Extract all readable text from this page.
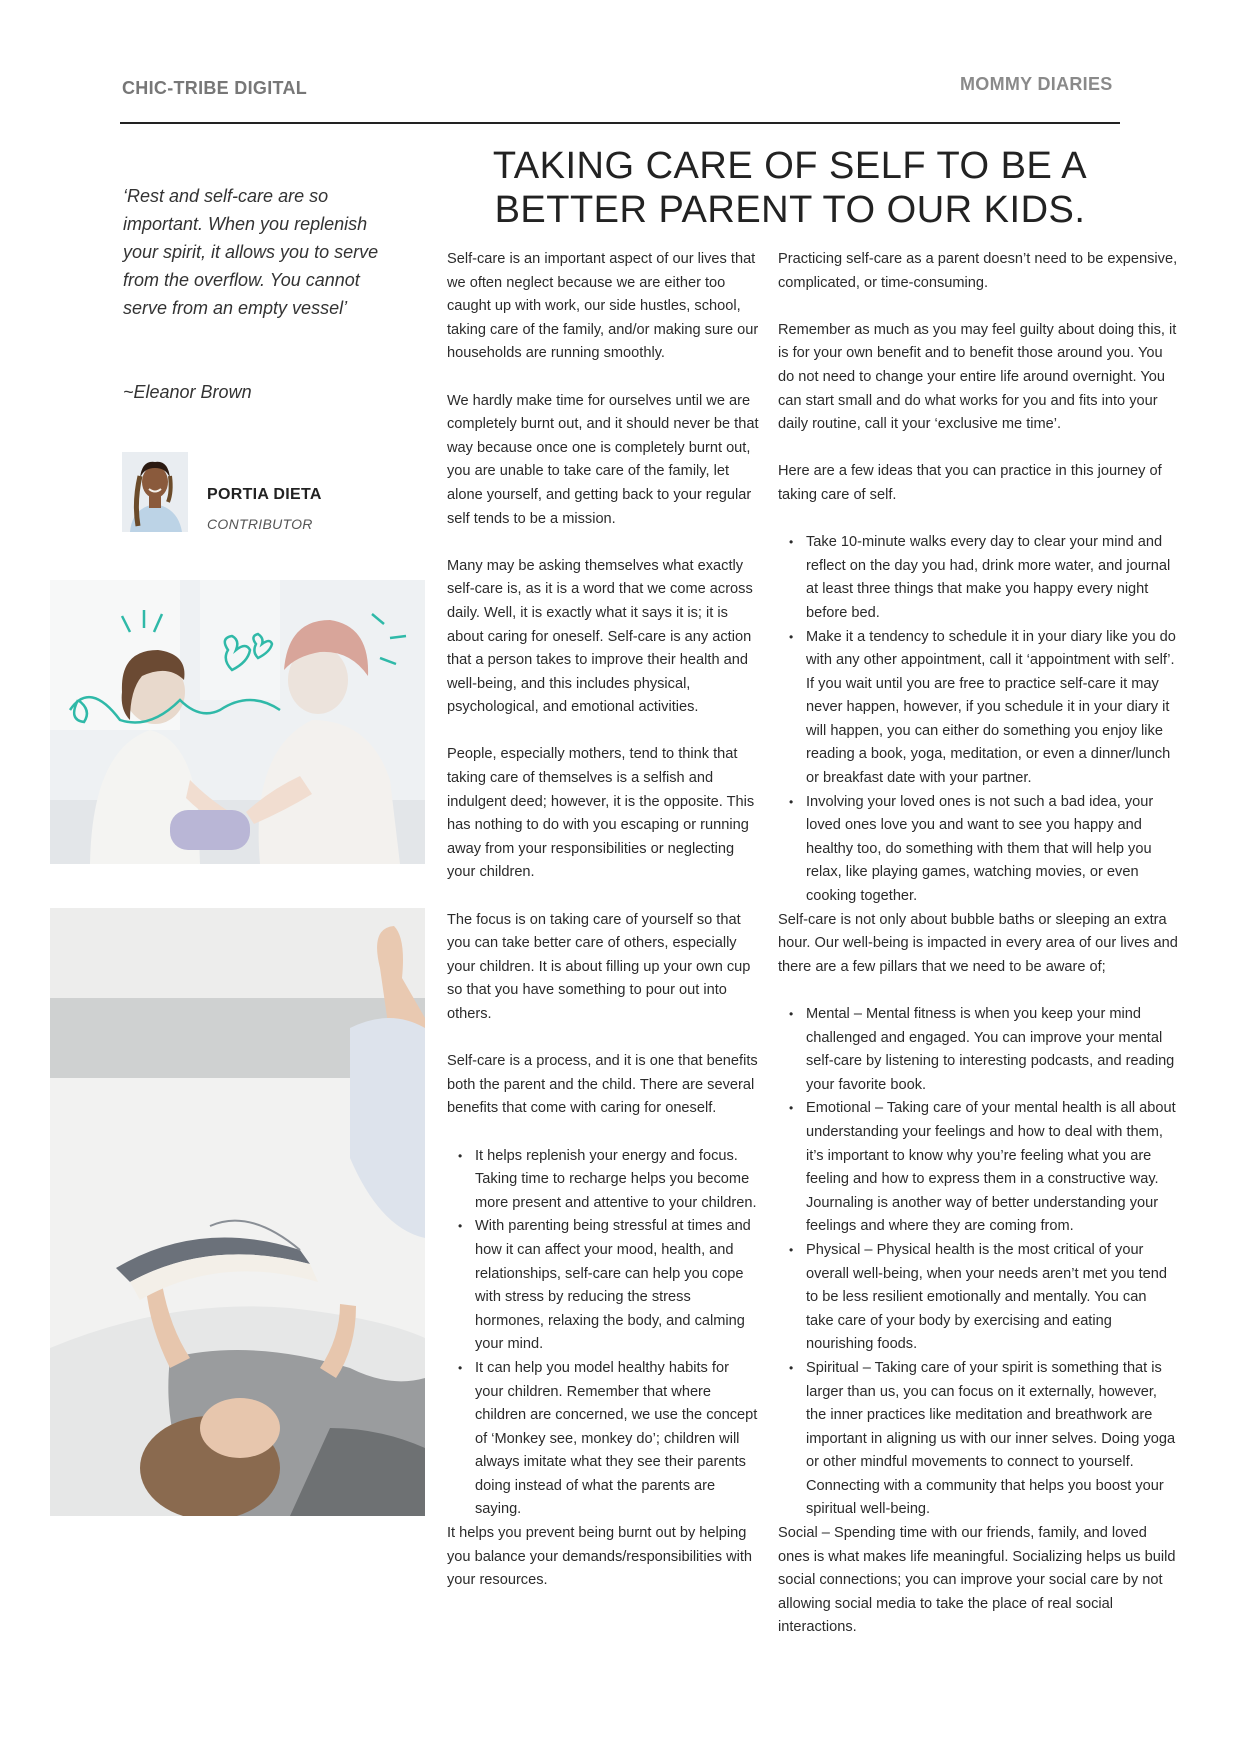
CHIC-TRIBE DIGITAL	MOMMY DIARIES
TAKING CARE OF SELF TO BE A BETTER PARENT TO OUR KIDS.
‘Rest and self-care are so important. When you replenish your spirit, it allows you to serve from the overflow. You cannot serve from an empty vessel’
~Eleanor Brown
PORTIA DIETA
CONTRIBUTOR

Self-care is an important aspect of our lives that we often neglect because we are either too caught up with work, our side hustles, school, taking care of the family, and/or making sure our households are running smoothly.

We hardly make time for ourselves until we are completely burnt out, and it should never be that way because once one is completely burnt out, you are unable to take care of the family, let alone yourself, and getting back to your regular self tends to be a mission.

Many may be asking themselves what exactly self-care is, as it is a word that we come across daily. Well, it is exactly what it says it is; it is about caring for oneself. Self-care is any action that a person takes to improve their health and well-being, and this includes physical, psychological, and emotional activities.

People, especially mothers, tend to think that taking care of themselves is a selfish and indulgent deed; however, it is the opposite. This has nothing to do with you escaping or running away from your responsibilities or neglecting your children.

The focus is on taking care of yourself so that you can take better care of others, especially your children. It is about filling up your own cup so that you have something to pour out into others.

Self-care is a process, and it is one that benefits both the parent and the child. There are several benefits that come with caring for oneself.

• It helps replenish your energy and focus. Taking time to recharge helps you become more present and attentive to your children.
• With parenting being stressful at times and how it can affect your mood, health, and relationships, self-care can help you cope with stress by reducing the stress hormones, relaxing the body, and calming your mind.
• It can help you model healthy habits for your children. Remember that where children are concerned, we use the concept of ‘Monkey see, monkey do’; children will always imitate what they see their parents doing instead of what the parents are saying.

It helps you prevent being burnt out by helping you balance your demands/responsibilities with your resources.

Practicing self-care as a parent doesn’t need to be expensive, complicated, or time-consuming.

Remember as much as you may feel guilty about doing this, it is for your own benefit and to benefit those around you. You do not need to change your entire life around overnight. You can start small and do what works for you and fits into your daily routine, call it your ‘exclusive me time’.

Here are a few ideas that you can practice in this journey of taking care of self.

• Take 10-minute walks every day to clear your mind and reflect on the day you had, drink more water, and journal at least three things that make you happy every night before bed.
• Make it a tendency to schedule it in your diary like you do with any other appointment, call it ‘appointment with self’. If you wait until you are free to practice self-care it may never happen, however, if you schedule it in your diary it will happen, you can either do something you enjoy like reading a book, yoga, meditation, or even a dinner/lunch or breakfast date with your partner.
• Involving your loved ones is not such a bad idea, your loved ones love you and want to see you happy and healthy too, do something with them that will help you relax, like playing games, watching movies, or even cooking together.

Self-care is not only about bubble baths or sleeping an extra hour. Our well-being is impacted in every area of our lives and there are a few pillars that we need to be aware of;

• Mental – Mental fitness is when you keep your mind challenged and engaged. You can improve your mental self-care by listening to interesting podcasts, and reading your favorite book.
• Emotional – Taking care of your mental health is all about understanding your feelings and how to deal with them, it’s important to know why you’re feeling what you are feeling and how to express them in a constructive way. Journaling is another way of better understanding your feelings and where they are coming from.
• Physical – Physical health is the most critical of your overall well-being, when your needs aren’t met you tend to be less resilient emotionally and mentally. You can take care of your body by exercising and eating nourishing foods.
• Spiritual – Taking care of your spirit is something that is larger than us, you can focus on it externally, however, the inner practices like meditation and breathwork are important in aligning us with our inner selves. Doing yoga or other mindful movements to connect to yourself. Connecting with a community that helps you boost your spiritual well-being.

Social – Spending time with our friends, family, and loved ones is what makes life meaningful. Socializing helps us build social connections; you can improve your social care by not allowing social media to take the place of real social interactions.
